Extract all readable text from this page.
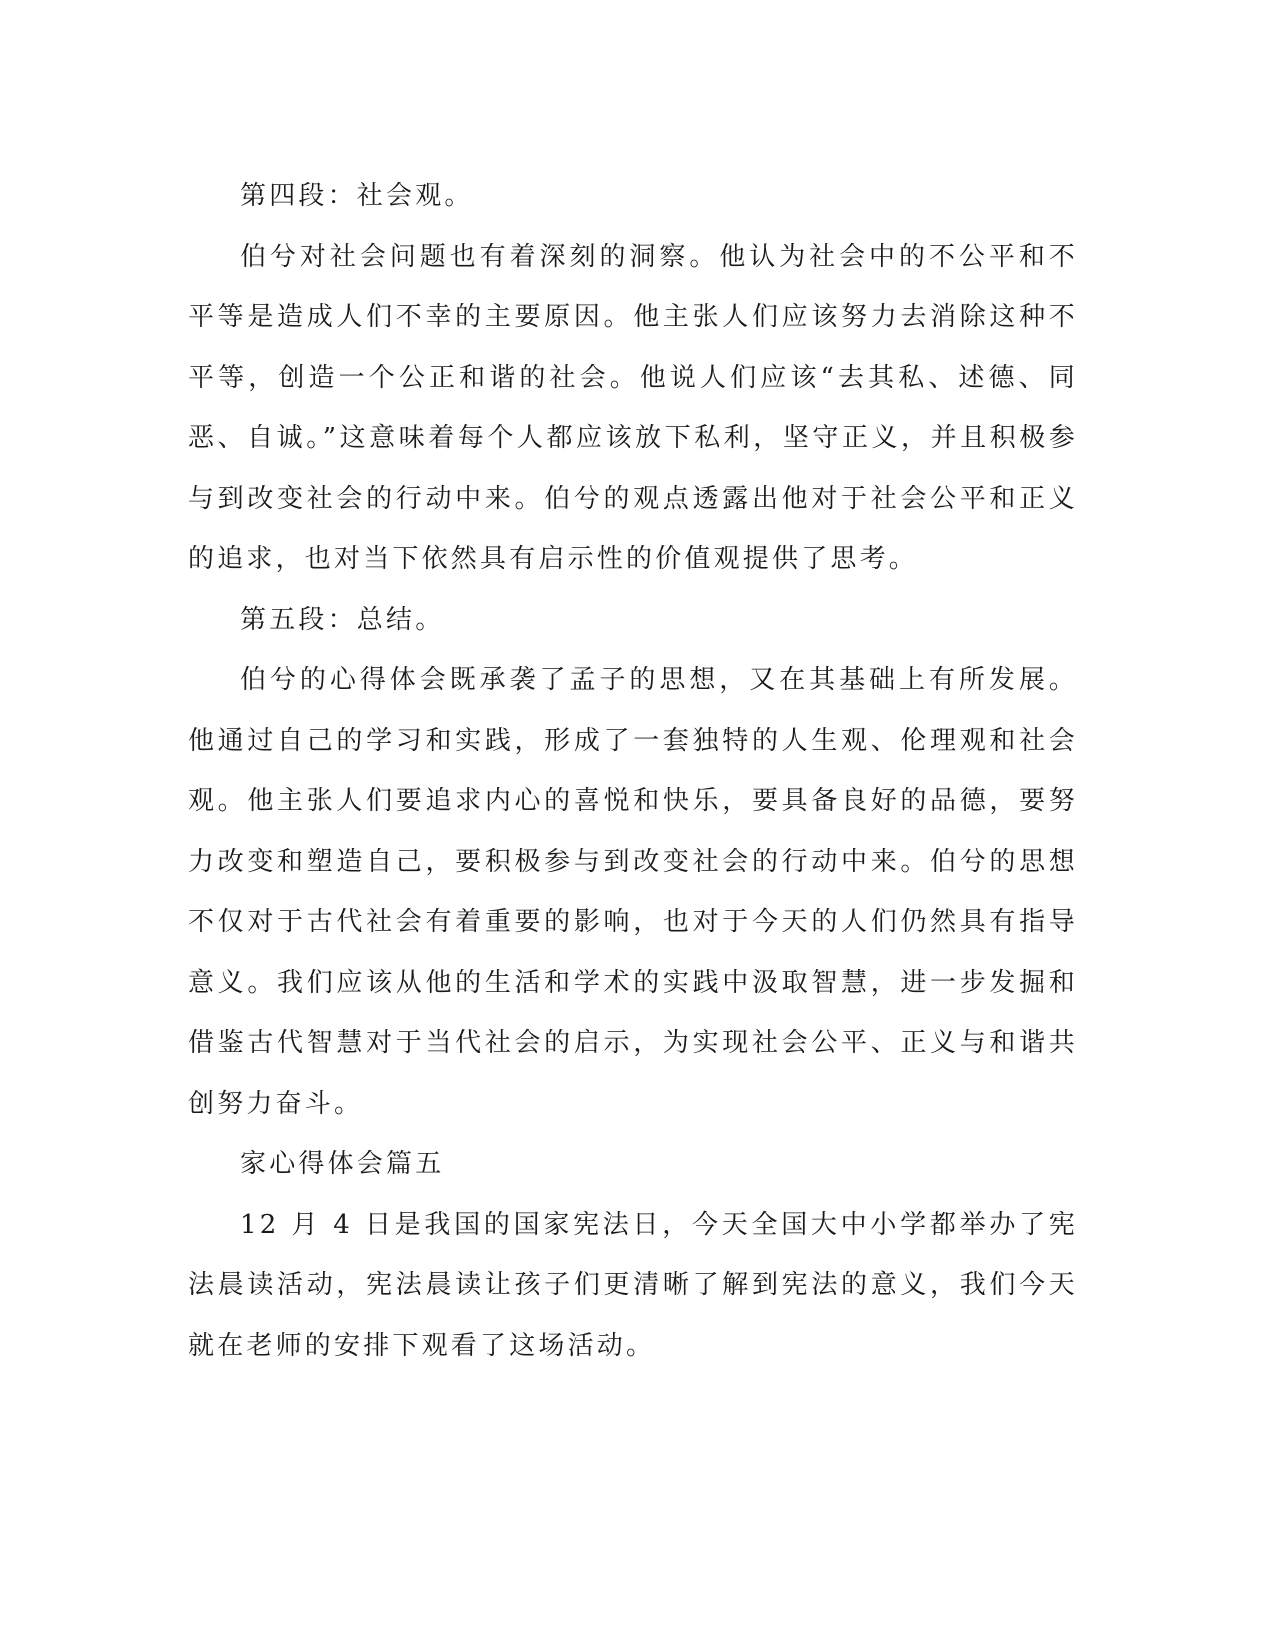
第四段：社会观。

伯兮对社会问题也有着深刻的洞察。他认为社会中的不公平和不平等是造成人们不幸的主要原因。他主张人们应该努力去消除这种不平等，创造一个公正和谐的社会。他说人们应该“去其私、述德、同恶、自诚。”这意味着每个人都应该放下私利，坚守正义，并且积极参与到改变社会的行动中来。伯兮的观点透露出他对于社会公平和正义的追求，也对当下依然具有启示性的价值观提供了思考。

第五段：总结。

伯兮的心得体会既承袭了孟子的思想，又在其基础上有所发展。他通过自己的学习和实践，形成了一套独特的人生观、伦理观和社会观。他主张人们要追求内心的喜悦和快乐，要具备良好的品德，要努力改变和塑造自己，要积极参与到改变社会的行动中来。伯兮的思想不仅对于古代社会有着重要的影响，也对于今天的人们仍然具有指导意义。我们应该从他的生活和学术的实践中汲取智慧，进一步发掘和借鉴古代智慧对于当代社会的启示，为实现社会公平、正义与和谐共创努力奋斗。

家心得体会篇五

12 月 4 日是我国的国家宪法日，今天全国大中小学都举办了宪法晨读活动，宪法晨读让孩子们更清晰了解到宪法的意义，我们今天就在老师的安排下观看了这场活动。
